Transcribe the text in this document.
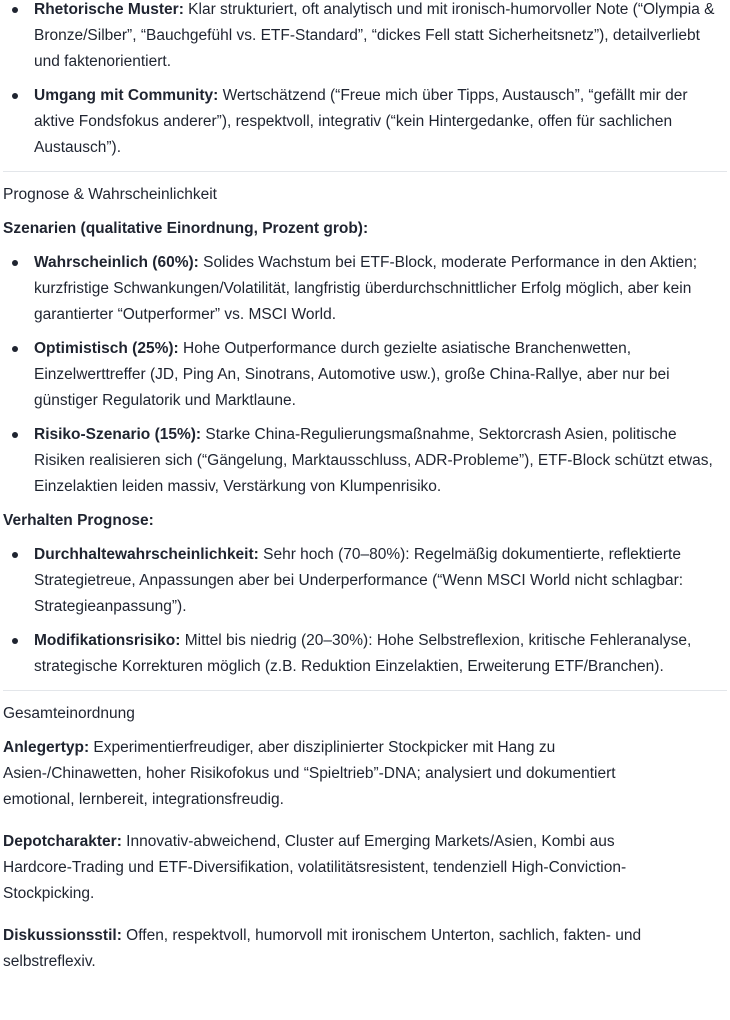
Rhetorische Muster: Klar strukturiert, oft analytisch und mit ironisch-humorvoller Note (“Olympia & Bronze/Silber”, “Bauchgefühl vs. ETF-Standard”, “dickes Fell statt Sicherheitsnetz”), detailverliebt und faktenorientiert.
Umgang mit Community: Wertschätzend (“Freue mich über Tipps, Austausch”, “gefällt mir der aktive Fondsfokus anderer”), respektvoll, integrativ (“kein Hintergedanke, offen für sachlichen Austausch”).
Prognose & Wahrscheinlichkeit
Szenarien (qualitative Einordnung, Prozent grob):
Wahrscheinlich (60%): Solides Wachstum bei ETF-Block, moderate Performance in den Aktien; kurzfristige Schwankungen/Volatilität, langfristig überdurchschnittlicher Erfolg möglich, aber kein garantierter “Outperformer” vs. MSCI World.
Optimistisch (25%): Hohe Outperformance durch gezielte asiatische Branchenwetten, Einzelwerttreffer (JD, Ping An, Sinotrans, Automotive usw.), große China-Rallye, aber nur bei günstiger Regulatorik und Marktlaune.
Risiko-Szenario (15%): Starke China-Regulierungsmaßnahme, Sektorcrash Asien, politische Risiken realisieren sich (“Gängelung, Marktausschluss, ADR-Probleme”), ETF-Block schützt etwas, Einzelaktien leiden massiv, Verstärkung von Klumpenrisiko.
Verhalten Prognose:
Durchhaltewahrscheinlichkeit: Sehr hoch (70–80%): Regelmäßig dokumentierte, reflektierte Strategietreue, Anpassungen aber bei Underperformance (“Wenn MSCI World nicht schlagbar: Strategieanpassung”).
Modifikationsrisiko: Mittel bis niedrig (20–30%): Hohe Selbstreflexion, kritische Fehleranalyse, strategische Korrekturen möglich (z.B. Reduktion Einzelaktien, Erweiterung ETF/Branchen).
Gesamteinordnung

Anlegertyp: Experimentierfreudiger, aber disziplinierter Stockpicker mit Hang zu Asien-/Chinawetten, hoher Risikofokus und “Spieltrieb”-DNA; analysiert und dokumentiert emotional, lernbereit, integrationsfreudig.

Depotcharakter: Innovativ-abweichend, Cluster auf Emerging Markets/Asien, Kombi aus Hardcore-Trading und ETF-Diversifikation, volatilitätsresistent, tendenziell High-Conviction-Stockpicking.

Diskussionsstil: Offen, respektvoll, humorvoll mit ironischem Unterton, sachlich, fakten- und selbstreflexiv.
